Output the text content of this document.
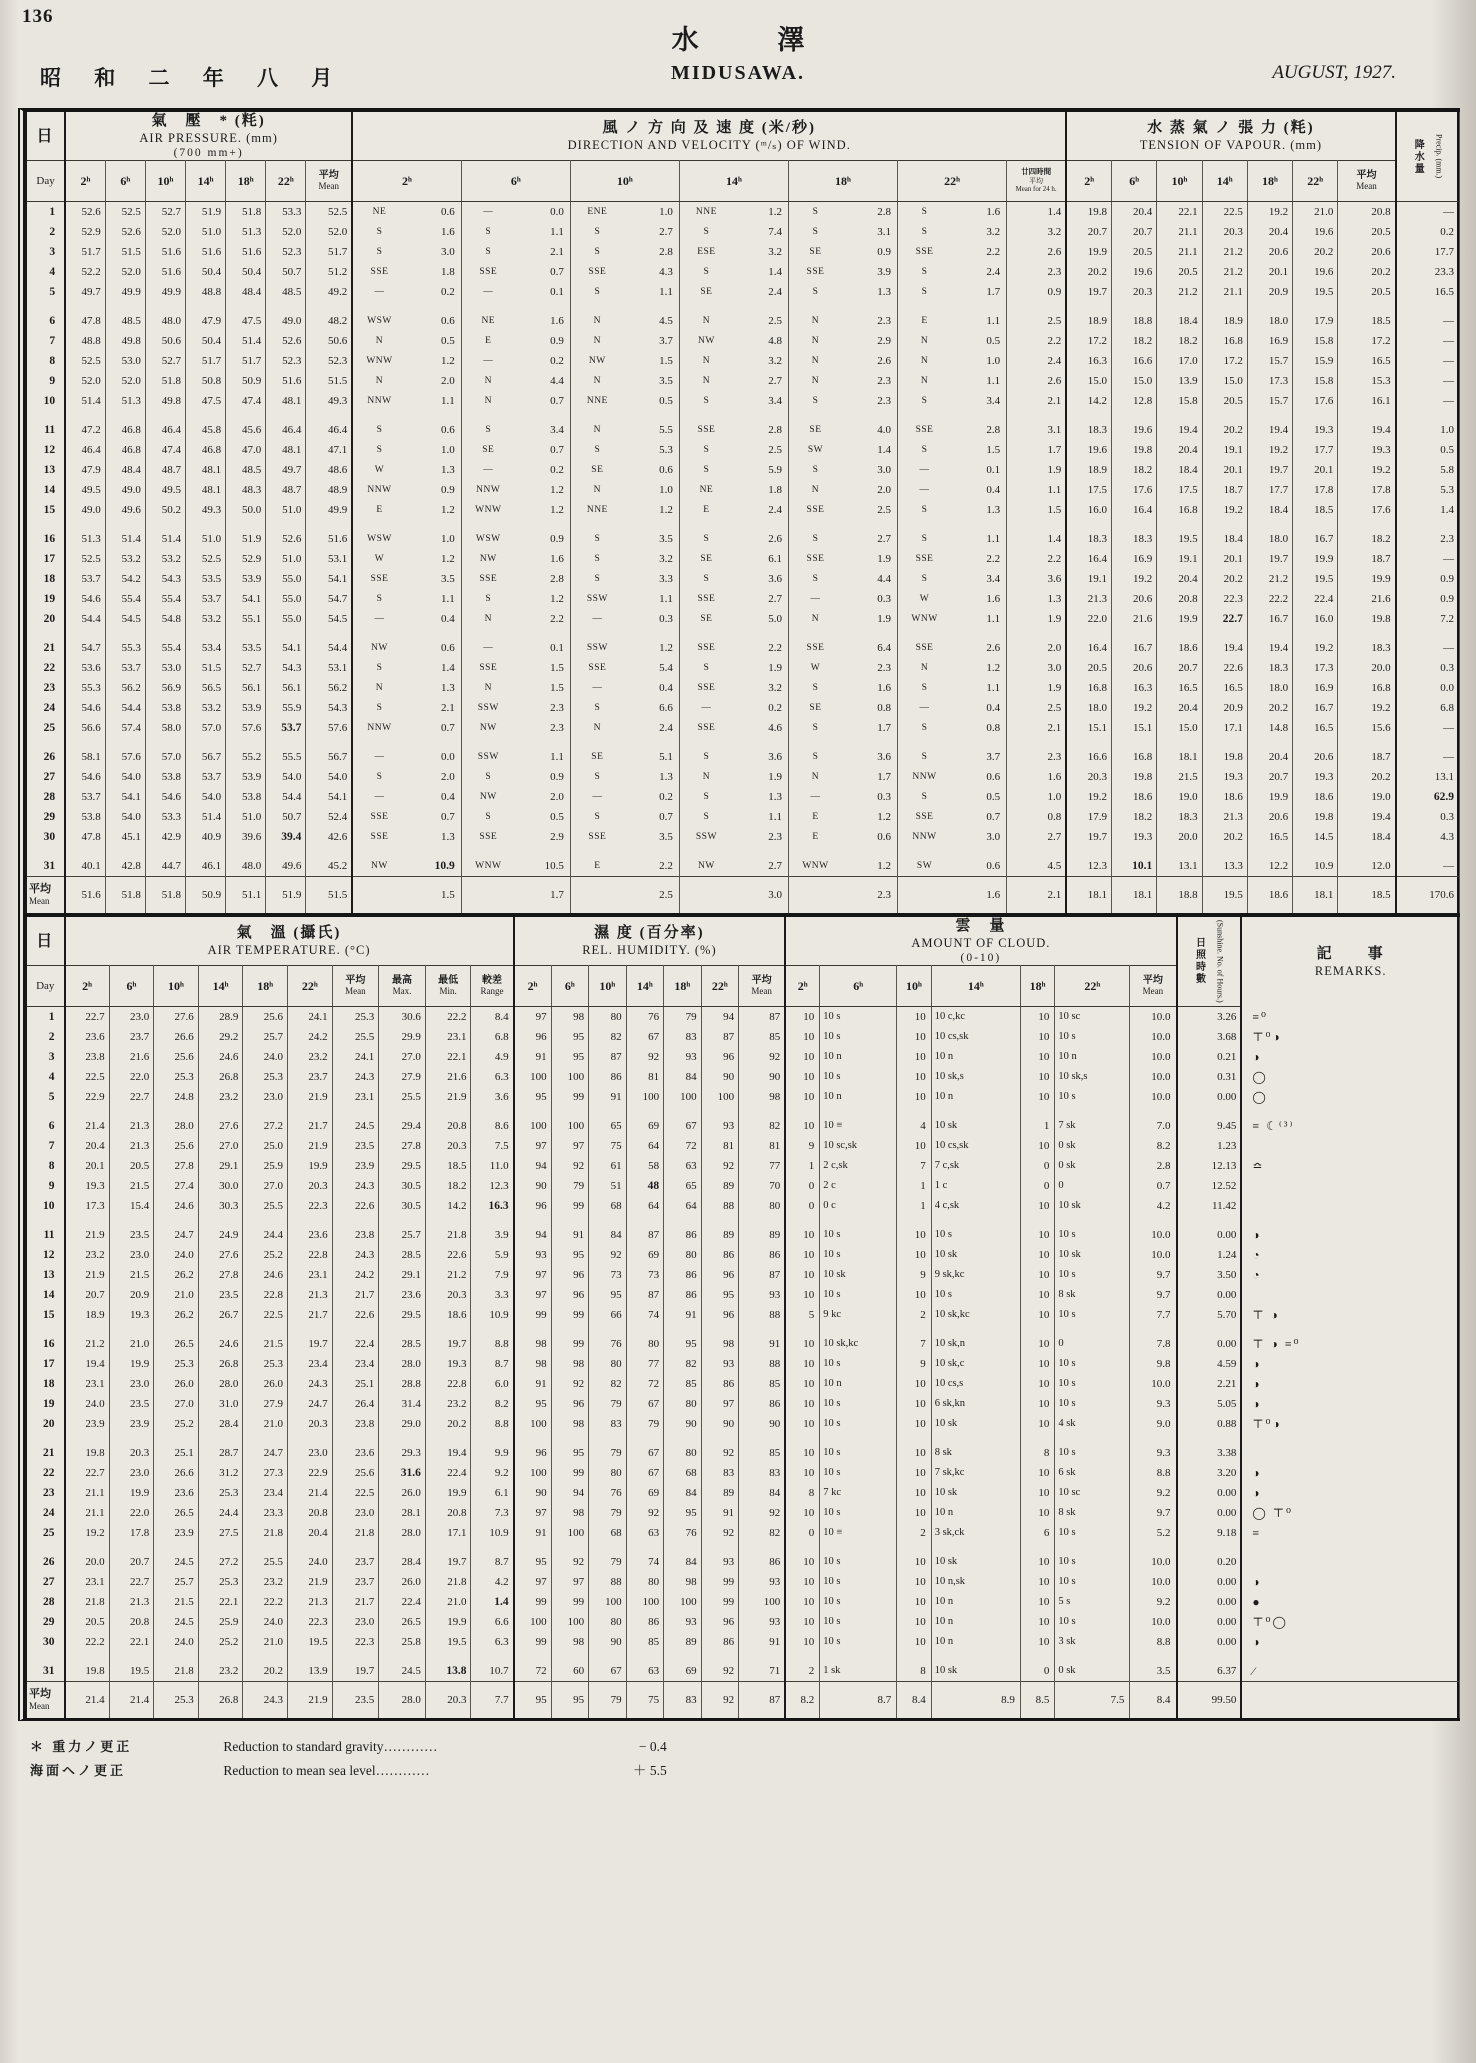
136
昭 和 二 年 八 月
水 澤
MIDUSAWA.	AUGUST, 1927.
日	氣　壓　* (粍)
AIR PRESSURE. (mm)
(700 mm+)							風 ノ 方 向 及 速 度 (米/秒)
DIRECTION AND VELOCITY (ᵐ/ₛ) OF WIND.													水 蒸 氣 ノ 張 力 (粍)
TENSION OF VAPOUR. (mm)							降水量 Precip. (mm.)

Day	2ʰ	6ʰ	10ʰ	14ʰ	18ʰ	22ʰ	平均
Mean	2ʰ		6ʰ		10ʰ		14ʰ		18ʰ		22ʰ		廿四時間
平均
Mean for 24 h.	2ʰ	6ʰ	10ʰ	14ʰ	18ʰ	22ʰ	平均
Mean	

1	52.6	52.5	52.7	51.9	51.8	53.3	52.5	NE	0.6	—	0.0	ENE	1.0	NNE	1.2	S	2.8	S	1.6	1.4	19.8	20.4	22.1	22.5	19.2	21.0	20.8	—
2	52.9	52.6	52.0	51.0	51.3	52.0	52.0	S	1.6	S	1.1	S	2.7	S	7.4	S	3.1	S	3.2	3.2	20.7	20.7	21.1	20.3	20.4	19.6	20.5	0.2
3	51.7	51.5	51.6	51.6	51.6	52.3	51.7	S	3.0	S	2.1	S	2.8	ESE	3.2	SE	0.9	SSE	2.2	2.6	19.9	20.5	21.1	21.2	20.6	20.2	20.6	17.7
4	52.2	52.0	51.6	50.4	50.4	50.7	51.2	SSE	1.8	SSE	0.7	SSE	4.3	S	1.4	SSE	3.9	S	2.4	2.3	20.2	19.6	20.5	21.2	20.1	19.6	20.2	23.3
5	49.7	49.9	49.9	48.8	48.4	48.5	49.2	—	0.2	—	0.1	S	1.1	SE	2.4	S	1.3	S	1.7	0.9	19.7	20.3	21.2	21.1	20.9	19.5	20.5	16.5
6	47.8	48.5	48.0	47.9	47.5	49.0	48.2	WSW	0.6	NE	1.6	N	4.5	N	2.5	N	2.3	E	1.1	2.5	18.9	18.8	18.4	18.9	18.0	17.9	18.5	—
7	48.8	49.8	50.6	50.4	51.4	52.6	50.6	N	0.5	E	0.9	N	3.7	NW	4.8	N	2.9	N	0.5	2.2	17.2	18.2	18.2	16.8	16.9	15.8	17.2	—
8	52.5	53.0	52.7	51.7	51.7	52.3	52.3	WNW	1.2	—	0.2	NW	1.5	N	3.2	N	2.6	N	1.0	2.4	16.3	16.6	17.0	17.2	15.7	15.9	16.5	—
9	52.0	52.0	51.8	50.8	50.9	51.6	51.5	N	2.0	N	4.4	N	3.5	N	2.7	N	2.3	N	1.1	2.6	15.0	15.0	13.9	15.0	17.3	15.8	15.3	—
10	51.4	51.3	49.8	47.5	47.4	48.1	49.3	NNW	1.1	N	0.7	NNE	0.5	S	3.4	S	2.3	S	3.4	2.1	14.2	12.8	15.8	20.5	15.7	17.6	16.1	—
11	47.2	46.8	46.4	45.8	45.6	46.4	46.4	S	0.6	S	3.4	N	5.5	SSE	2.8	SE	4.0	SSE	2.8	3.1	18.3	19.6	19.4	20.2	19.4	19.3	19.4	1.0
12	46.4	46.8	47.4	46.8	47.0	48.1	47.1	S	1.0	SE	0.7	S	5.3	S	2.5	SW	1.4	S	1.5	1.7	19.6	19.8	20.4	19.1	19.2	17.7	19.3	0.5
13	47.9	48.4	48.7	48.1	48.5	49.7	48.6	W	1.3	—	0.2	SE	0.6	S	5.9	S	3.0	—	0.1	1.9	18.9	18.2	18.4	20.1	19.7	20.1	19.2	5.8
14	49.5	49.0	49.5	48.1	48.3	48.7	48.9	NNW	0.9	NNW	1.2	N	1.0	NE	1.8	N	2.0	—	0.4	1.1	17.5	17.6	17.5	18.7	17.7	17.8	17.8	5.3
15	49.0	49.6	50.2	49.3	50.0	51.0	49.9	E	1.2	WNW	1.2	NNE	1.2	E	2.4	SSE	2.5	S	1.3	1.5	16.0	16.4	16.8	19.2	18.4	18.5	17.6	1.4
16	51.3	51.4	51.4	51.0	51.9	52.6	51.6	WSW	1.0	WSW	0.9	S	3.5	S	2.6	S	2.7	S	1.1	1.4	18.3	18.3	19.5	18.4	18.0	16.7	18.2	2.3
17	52.5	53.2	53.2	52.5	52.9	51.0	53.1	W	1.2	NW	1.6	S	3.2	SE	6.1	SSE	1.9	SSE	2.2	2.2	16.4	16.9	19.1	20.1	19.7	19.9	18.7	—
18	53.7	54.2	54.3	53.5	53.9	55.0	54.1	SSE	3.5	SSE	2.8	S	3.3	S	3.6	S	4.4	S	3.4	3.6	19.1	19.2	20.4	20.2	21.2	19.5	19.9	0.9
19	54.6	55.4	55.4	53.7	54.1	55.0	54.7	S	1.1	S	1.2	SSW	1.1	SSE	2.7	—	0.3	W	1.6	1.3	21.3	20.6	20.8	22.3	22.2	22.4	21.6	0.9
20	54.4	54.5	54.8	53.2	55.1	55.0	54.5	—	0.4	N	2.2	—	0.3	SE	5.0	N	1.9	WNW	1.1	1.9	22.0	21.6	19.9	22.7	16.7	16.0	19.8	7.2
21	54.7	55.3	55.4	53.4	53.5	54.1	54.4	NW	0.6	—	0.1	SSW	1.2	SSE	2.2	SSE	6.4	SSE	2.6	2.0	16.4	16.7	18.6	19.4	19.4	19.2	18.3	—
22	53.6	53.7	53.0	51.5	52.7	54.3	53.1	S	1.4	SSE	1.5	SSE	5.4	S	1.9	W	2.3	N	1.2	3.0	20.5	20.6	20.7	22.6	18.3	17.3	20.0	0.3
23	55.3	56.2	56.9	56.5	56.1	56.1	56.2	N	1.3	N	1.5	—	0.4	SSE	3.2	S	1.6	S	1.1	1.9	16.8	16.3	16.5	16.5	18.0	16.9	16.8	0.0
24	54.6	54.4	53.8	53.2	53.9	55.9	54.3	S	2.1	SSW	2.3	S	6.6	—	0.2	SE	0.8	—	0.4	2.5	18.0	19.2	20.4	20.9	20.2	16.7	19.2	6.8
25	56.6	57.4	58.0	57.0	57.6	53.7	57.6	NNW	0.7	NW	2.3	N	2.4	SSE	4.6	S	1.7	S	0.8	2.1	15.1	15.1	15.0	17.1	14.8	16.5	15.6	—
26	58.1	57.6	57.0	56.7	55.2	55.5	56.7	—	0.0	SSW	1.1	SE	5.1	S	3.6	S	3.6	S	3.7	2.3	16.6	16.8	18.1	19.8	20.4	20.6	18.7	—
27	54.6	54.0	53.8	53.7	53.9	54.0	54.0	S	2.0	S	0.9	S	1.3	N	1.9	N	1.7	NNW	0.6	1.6	20.3	19.8	21.5	19.3	20.7	19.3	20.2	13.1
28	53.7	54.1	54.6	54.0	53.8	54.4	54.1	—	0.4	NW	2.0	—	0.2	S	1.3	—	0.3	S	0.5	1.0	19.2	18.6	19.0	18.6	19.9	18.6	19.0	62.9
29	53.8	54.0	53.3	51.4	51.0	50.7	52.4	SSE	0.7	S	0.5	S	0.7	S	1.1	E	1.2	SSE	0.7	0.8	17.9	18.2	18.3	21.3	20.6	19.8	19.4	0.3
30	47.8	45.1	42.9	40.9	39.6	39.4	42.6	SSE	1.3	SSE	2.9	SSE	3.5	SSW	2.3	E	0.6	NNW	3.0	2.7	19.7	19.3	20.0	20.2	16.5	14.5	18.4	4.3
31	40.1	42.8	44.7	46.1	48.0	49.6	45.2	NW	10.9	WNW	10.5	E	2.2	NW	2.7	WNW	1.2	SW	0.6	4.5	12.3	10.1	13.1	13.3	12.2	10.9	12.0	—

平均
Mean	51.6	51.8	51.8	50.9	51.1	51.9	51.5		1.5		1.7		2.5		3.0		2.3		1.6	2.1	18.1	18.1	18.8	19.5	18.6	18.1	18.5	170.6
日	氣　溫 (攝氏)
AIR TEMPERATURE. (°C)										濕 度 (百分率)
REL. HUMIDITY. (%)							雲　量
AMOUNT OF CLOUD.
(0-10)							日照時數 (Sunshine. No. of Hours.)	記　　事
REMARKS.

Day	2ʰ	6ʰ	10ʰ	14ʰ	18ʰ	22ʰ	平均
Mean	最高
Max.	最低
Min.	較差
Range	2ʰ	6ʰ	10ʰ	14ʰ	18ʰ	22ʰ	平均
Mean	2ʰ	6ʰ	10ʰ	14ʰ	18ʰ	22ʰ	平均
Mean		

1	22.7	23.0	27.6	28.9	25.6	24.1	25.3	30.6	22.2	8.4	97	98	80	76	79	94	87	10	10 s	10	10 c,kc	10	10 sc	10.0	3.26	≡⁰
2	23.6	23.7	26.6	29.2	25.7	24.2	25.5	29.9	23.1	6.8	96	95	82	67	83	87	85	10	10 s	10	10 cs,sk	10	10 s	10.0	3.68	⊤⁰◑
3	23.8	21.6	25.6	24.6	24.0	23.2	24.1	27.0	22.1	4.9	91	95	87	92	93	96	92	10	10 n	10	10 n	10	10 n	10.0	0.21	◑
4	22.5	22.0	25.3	26.8	25.3	23.7	24.3	27.9	21.6	6.3	100	100	86	81	84	90	90	10	10 s	10	10 sk,s	10	10 sk,s	10.0	0.31	◯
5	22.9	22.7	24.8	23.2	23.0	21.9	23.1	25.5	21.9	3.6	95	99	91	100	100	100	98	10	10 n	10	10 n	10	10 s	10.0	0.00	◯
6	21.4	21.3	28.0	27.6	27.2	21.7	24.5	29.4	20.8	8.6	100	100	65	69	67	93	82	10	10 ≡	4	10 sk	1	7 sk	7.0	9.45	≡ ☾⁽³⁾
7	20.4	21.3	25.6	27.0	25.0	21.9	23.5	27.8	20.3	7.5	97	97	75	64	72	81	81	9	10 sc,sk	10	10 cs,sk	10	0 sk	8.2	1.23	
8	20.1	20.5	27.8	29.1	25.9	19.9	23.9	29.5	18.5	11.0	94	92	61	58	63	92	77	1	2 c,sk	7	7 c,sk	0	0 sk	2.8	12.13	≏
9	19.3	21.5	27.4	30.0	27.0	20.3	24.3	30.5	18.2	12.3	90	79	51	48	65	89	70	0	2 c	1	1 c	0	0	0.7	12.52	
10	17.3	15.4	24.6	30.3	25.5	22.3	22.6	30.5	14.2	16.3	96	99	68	64	64	88	80	0	0 c	1	4 c,sk	10	10 sk	4.2	11.42	
11	21.9	23.5	24.7	24.9	24.4	23.6	23.8	25.7	21.8	3.9	94	91	84	87	86	89	89	10	10 s	10	10 s	10	10 s	10.0	0.00	◑
12	23.2	23.0	24.0	27.6	25.2	22.8	24.3	28.5	22.6	5.9	93	95	92	69	80	86	86	10	10 s	10	10 sk	10	10 sk	10.0	1.24	◔
13	21.9	21.5	26.2	27.8	24.6	23.1	24.2	29.1	21.2	7.9	97	96	73	73	86	96	87	10	10 sk	9	9 sk,kc	10	10 s	9.7	3.50	◔
14	20.7	20.9	21.0	23.5	22.8	21.3	21.7	23.6	20.3	3.3	97	96	95	87	86	95	93	10	10 s	10	10 s	10	8 sk	9.7	0.00	
15	18.9	19.3	26.2	26.7	22.5	21.7	22.6	29.5	18.6	10.9	99	99	66	74	91	96	88	5	9 kc	2	10 sk,kc	10	10 s	7.7	5.70	⊤ ◑
16	21.2	21.0	26.5	24.6	21.5	19.7	22.4	28.5	19.7	8.8	98	99	76	80	95	98	91	10	10 sk,kc	7	10 sk,n	10	0	7.8	0.00	⊤ ◑ ≡⁰
17	19.4	19.9	25.3	26.8	25.3	23.4	23.4	28.0	19.3	8.7	98	98	80	77	82	93	88	10	10 s	9	10 sk,c	10	10 s	9.8	4.59	◑
18	23.1	23.0	26.0	28.0	26.0	24.3	25.1	28.8	22.8	6.0	91	92	82	72	85	86	85	10	10 n	10	10 cs,s	10	10 s	10.0	2.21	◑
19	24.0	23.5	27.0	31.0	27.9	24.7	26.4	31.4	23.2	8.2	95	96	79	67	80	97	86	10	10 s	10	6 sk,kn	10	10 s	9.3	5.05	◑
20	23.9	23.9	25.2	28.4	21.0	20.3	23.8	29.0	20.2	8.8	100	98	83	79	90	90	90	10	10 s	10	10 sk	10	4 sk	9.0	0.88	⊤⁰◑
21	19.8	20.3	25.1	28.7	24.7	23.0	23.6	29.3	19.4	9.9	96	95	79	67	80	92	85	10	10 s	10	8 sk	8	10 s	9.3	3.38	
22	22.7	23.0	26.6	31.2	27.3	22.9	25.6	31.6	22.4	9.2	100	99	80	67	68	83	83	10	10 s	10	7 sk,kc	10	6 sk	8.8	3.20	◑
23	21.1	19.9	23.6	25.3	23.4	21.4	22.5	26.0	19.9	6.1	90	94	76	69	84	89	84	8	7 kc	10	10 sk	10	10 sc	9.2	0.00	◑
24	21.1	22.0	26.5	24.4	23.3	20.8	23.0	28.1	20.8	7.3	97	98	79	92	95	91	92	10	10 s	10	10 n	10	8 sk	9.7	0.00	◯ ⊤⁰
25	19.2	17.8	23.9	27.5	21.8	20.4	21.8	28.0	17.1	10.9	91	100	68	63	76	92	82	0	10 ≡	2	3 sk,ck	6	10 s	5.2	9.18	≡
26	20.0	20.7	24.5	27.2	25.5	24.0	23.7	28.4	19.7	8.7	95	92	79	74	84	93	86	10	10 s	10	10 sk	10	10 s	10.0	0.20	
27	23.1	22.7	25.7	25.3	23.2	21.9	23.7	26.0	21.8	4.2	97	97	88	80	98	99	93	10	10 s	10	10 n,sk	10	10 s	10.0	0.00	◑
28	21.8	21.3	21.5	22.1	22.2	21.3	21.7	22.4	21.0	1.4	99	99	100	100	100	99	100	10	10 s	10	10 n	10	5 s	9.2	0.00	●
29	20.5	20.8	24.5	25.9	24.0	22.3	23.0	26.5	19.9	6.6	100	100	80	86	93	96	93	10	10 s	10	10 n	10	10 s	10.0	0.00	⊤⁰◯
30	22.2	22.1	24.0	25.2	21.0	19.5	22.3	25.8	19.5	6.3	99	98	90	85	89	86	91	10	10 s	10	10 n	10	3 sk	8.8	0.00	◑
31	19.8	19.5	21.8	23.2	20.2	13.9	19.7	24.5	13.8	10.7	72	60	67	63	69	92	71	2	1 sk	8	10 sk	0	0 sk	3.5	6.37	⁄

平均
Mean	21.4	21.4	25.3	26.8	24.3	21.9	23.5	28.0	20.3	7.7	95	95	79	75	83	92	87	8.2	8.7	8.4	8.9	8.5	7.5	8.4	99.50	
＊ 重力ノ更正	Reduction to standard gravity…………	− 0.4
海面ヘノ更正	Reduction to mean sea level…………	＋ 5.5
